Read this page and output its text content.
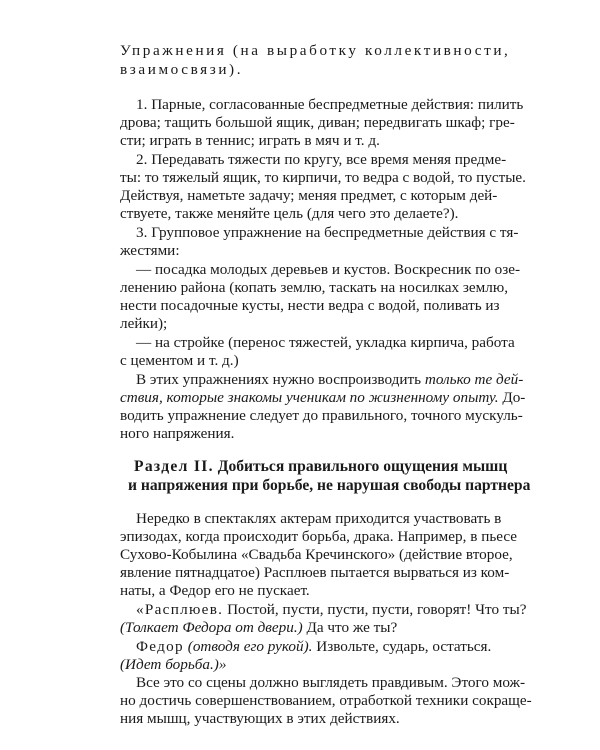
Упражнения (на выработку коллективности,

взаимосвязи).

1. Парные, согласованные беспредметные действия: пилить

дрова; тащить большой ящик, диван; передвигать шкаф; гре-

сти; играть в теннис; играть в мяч и т. д.

2. Передавать тяжести по кругу, все время меняя предме-

ты: то тяжелый ящик, то кирпичи, то ведра с водой, то пустые.

Действуя, наметьте задачу; меняя предмет, с которым дей-

ствуете, также меняйте цель (для чего это делаете?).

3. Групповое упражнение на беспредметные действия с тя-

жестями:

— посадка молодых деревьев и кустов. Воскресник по озе-

ленению района (копать землю, таскать на носилках землю,

нести посадочные кусты, нести ведра с водой, поливать из

лейки);

— на стройке (перенос тяжестей, укладка кирпича, работа

с цементом и т. д.)

В этих упражнениях нужно воспроизводить только те дей-

ствия, которые знакомы ученикам по жизненному опыту. До-

водить упражнение следует до правильного, точного мускуль-

ного напряжения.

Раздел II. Добиться правильного ощущения мышц
и напряжения при борьбе, не нарушая свободы партнера

Нередко в спектаклях актерам приходится участвовать в

эпизодах, когда происходит борьба, драка. Например, в пьесе

Сухово-Кобылина «Свадьба Кречинского» (действие второе,

явление пятнадцатое) Расплюев пытается вырваться из ком-

наты, а Федор его не пускает.

«Расплюев. Постой, пусти, пусти, пусти, говорят! Что ты?

(Толкает Федора от двери.) Да что же ты?

Федор (отводя его рукой). Извольте, сударь, остаться.

(Идет борьба.)»

Все это со сцены должно выглядеть правдивым. Этого мож-

но достичь совершенствованием, отработкой техники сокраще-

ния мышц, участвующих в этих действиях.
